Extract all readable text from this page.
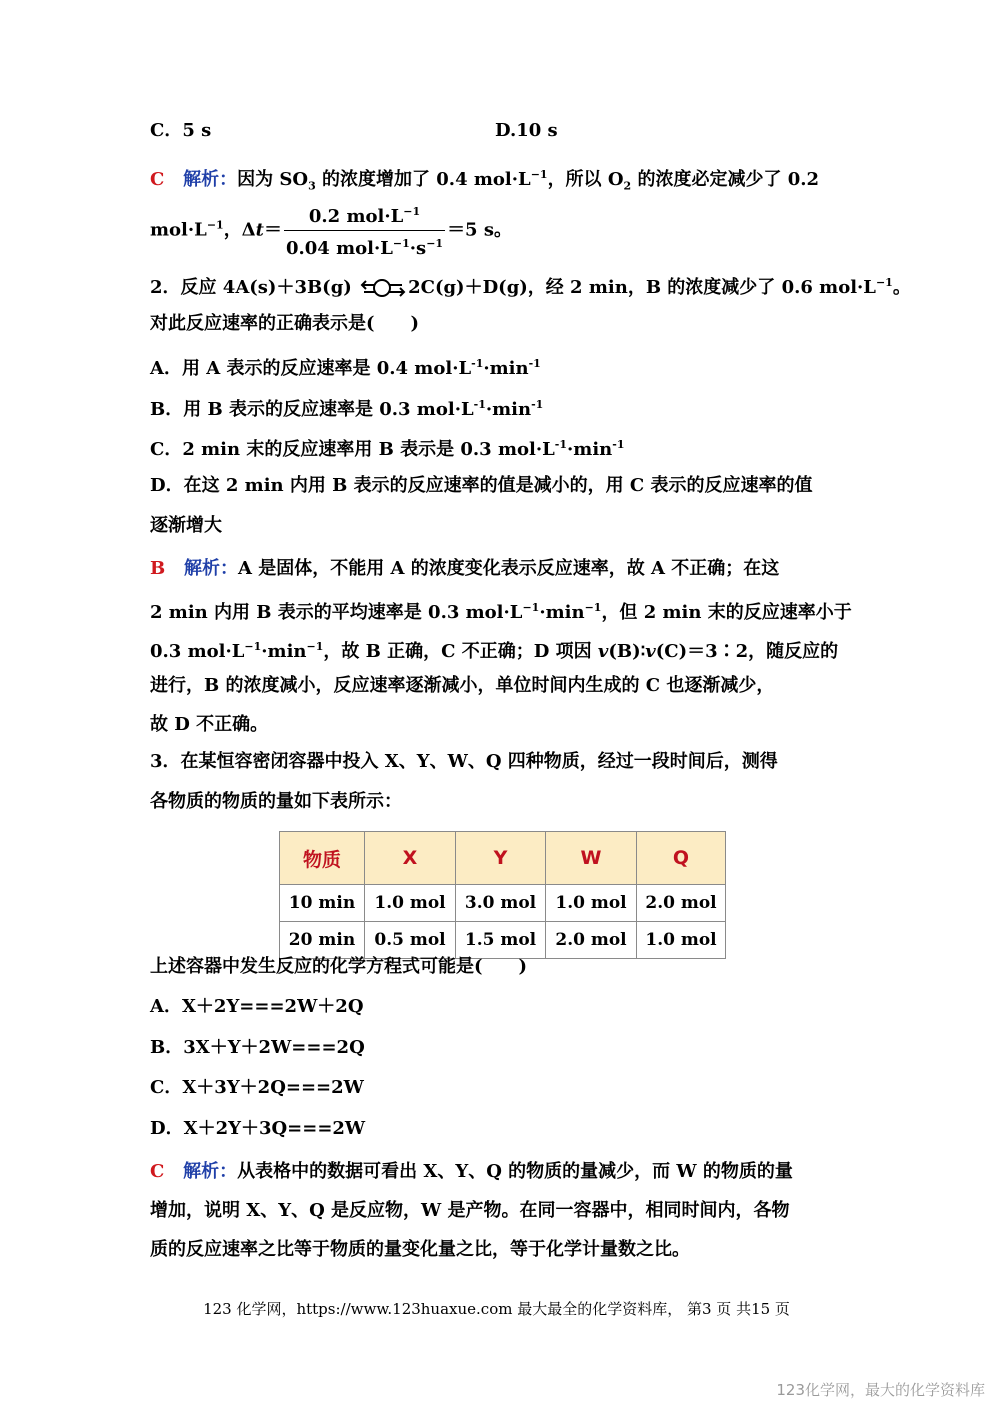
C．5 s	D.10 s
C 解析：因为 $SO_3$ 的浓度增加了 0.4 $mol\cdot L^{-1}$，所以 $O_2$ 的浓度必定减少了 0.2
$mol\cdot L^{-1}$，$\Delta t= \frac{0.2 mol\cdot L^{-1}}{0.04 mol\cdot L^{-1}\cdot s^{-1}} =5$ s。
2．反应 4A(s)＋3B(g) ⇌2C(g)＋D(g)，经 2 min，B 的浓度减少了 0.6 $mol\cdot L^{-1}$。
对此反应速率的正确表示是(　　)
A．用 A 表示的反应速率是 0.4 $mol\cdot L^{-1}\cdot\min^{-1}$
B．用 B 表示的反应速率是 0.3 $mol\cdot L^{-1}\cdot\min^{-1}$
C．2 min 末的反应速率用 B 表示是 0.3 $mol\cdot L^{-1}\cdot\min^{-1}$
D．在这 2 min 内用 B 表示的反应速率的值是减小的，用 C 表示的反应速率的值
逐渐增大
B 解析：A 是固体，不能用 A 的浓度变化表示反应速率，故 A 不正确；在这
2 min 内用 B 表示的平均速率是 0.3 $mol\cdot L^{-1}\cdot\min^{-1}$，但 2 min 末的反应速率小于
0.3 $mol\cdot L^{-1}\cdot\min^{-1}$，故 B 正确，C 不正确；D 项因 v(B)∶v(C)＝3∶2，随反应的
进行，B 的浓度减小，反应速率逐渐减小，单位时间内生成的 C 也逐渐减少，
故 D 不正确。
3．在某恒容密闭容器中投入 X、Y、W、Q 四种物质，经过一段时间后，测得
各物质的物质的量如下表所示：
物质	X	Y	W	Q
10 min	1.0 mol	3.0 mol	1.0 mol	2.0 mol
20 min	0.5 mol	1.5 mol	2.0 mol	1.0 mol
上述容器中发生反应的化学方程式可能是(　　)
A．X＋2Y===2W＋2Q
B．3X＋Y＋2W===2Q
C．X＋3Y＋2Q===2W
D．X＋2Y＋3Q===2W
C 解析：从表格中的数据可看出 X、Y、Q 的物质的量减少，而 W 的物质的量
增加，说明 X、Y、Q 是反应物，W 是产物。在同一容器中，相同时间内，各物
质的反应速率之比等于物质的量变化量之比，等于化学计量数之比。
123 化学网，https://www.123huaxue.com 最大最全的化学资料库， 第3 页 共15 页
123化学网，最大的化学资料库
